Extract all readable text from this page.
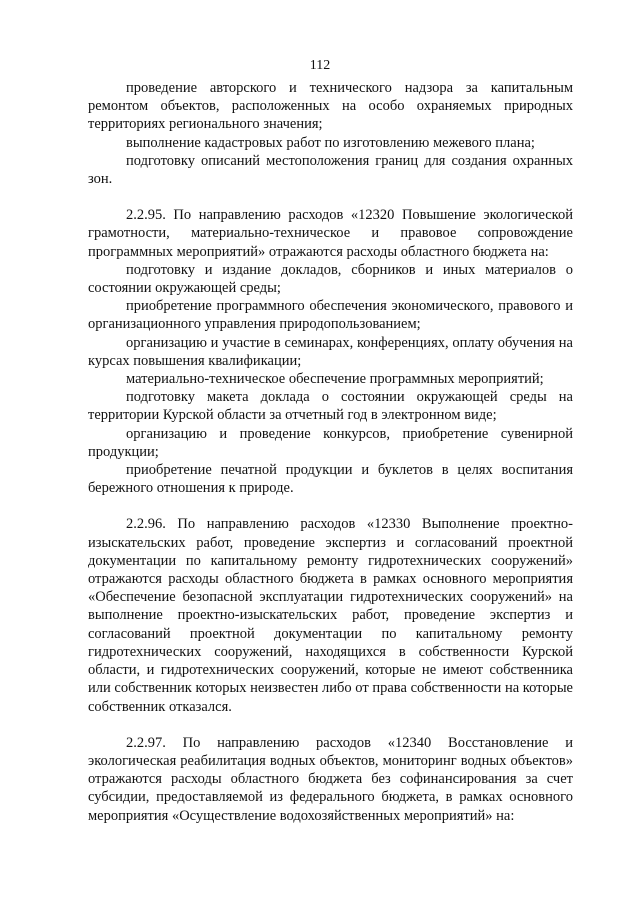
112

проведение авторского и технического надзора за капитальным ремонтом объектов, расположенных на особо охраняемых природных территориях регионального значения;

выполнение кадастровых работ по изготовлению межевого плана;

подготовку описаний местоположения границ для создания охранных зон.

2.2.95. По направлению расходов «12320 Повышение экологической грамотности, материально-техническое и правовое сопровождение программных мероприятий» отражаются расходы областного бюджета на:

подготовку и издание докладов, сборников и иных материалов о состоянии окружающей среды;

приобретение программного обеспечения экономического, правового и организационного управления природопользованием;

организацию и участие в семинарах, конференциях, оплату обучения на курсах повышения квалификации;

материально-техническое обеспечение программных мероприятий;

подготовку макета доклада о состоянии окружающей среды на территории Курской области за отчетный год в электронном виде;

организацию и проведение конкурсов, приобретение сувенирной продукции;

приобретение печатной продукции и буклетов в целях воспитания бережного отношения к природе.

2.2.96. По направлению расходов «12330 Выполнение проектно-изыскательских работ, проведение экспертиз и согласований проектной документации по капитальному ремонту гидротехнических сооружений» отражаются расходы областного бюджета в рамках основного мероприятия «Обеспечение безопасной эксплуатации гидротехнических сооружений» на выполнение проектно-изыскательских работ, проведение экспертиз и согласований проектной документации по капитальному ремонту гидротехнических сооружений, находящихся в собственности Курской области, и гидротехнических сооружений, которые не имеют собственника или собственник которых неизвестен либо от права собственности на которые собственник отказался.

2.2.97. По направлению расходов «12340 Восстановление и экологическая реабилитация водных объектов, мониторинг водных объектов» отражаются расходы областного бюджета без софинансирования за счет субсидии, предоставляемой из федерального бюджета, в рамках основного мероприятия «Осуществление водохозяйственных мероприятий» на:
